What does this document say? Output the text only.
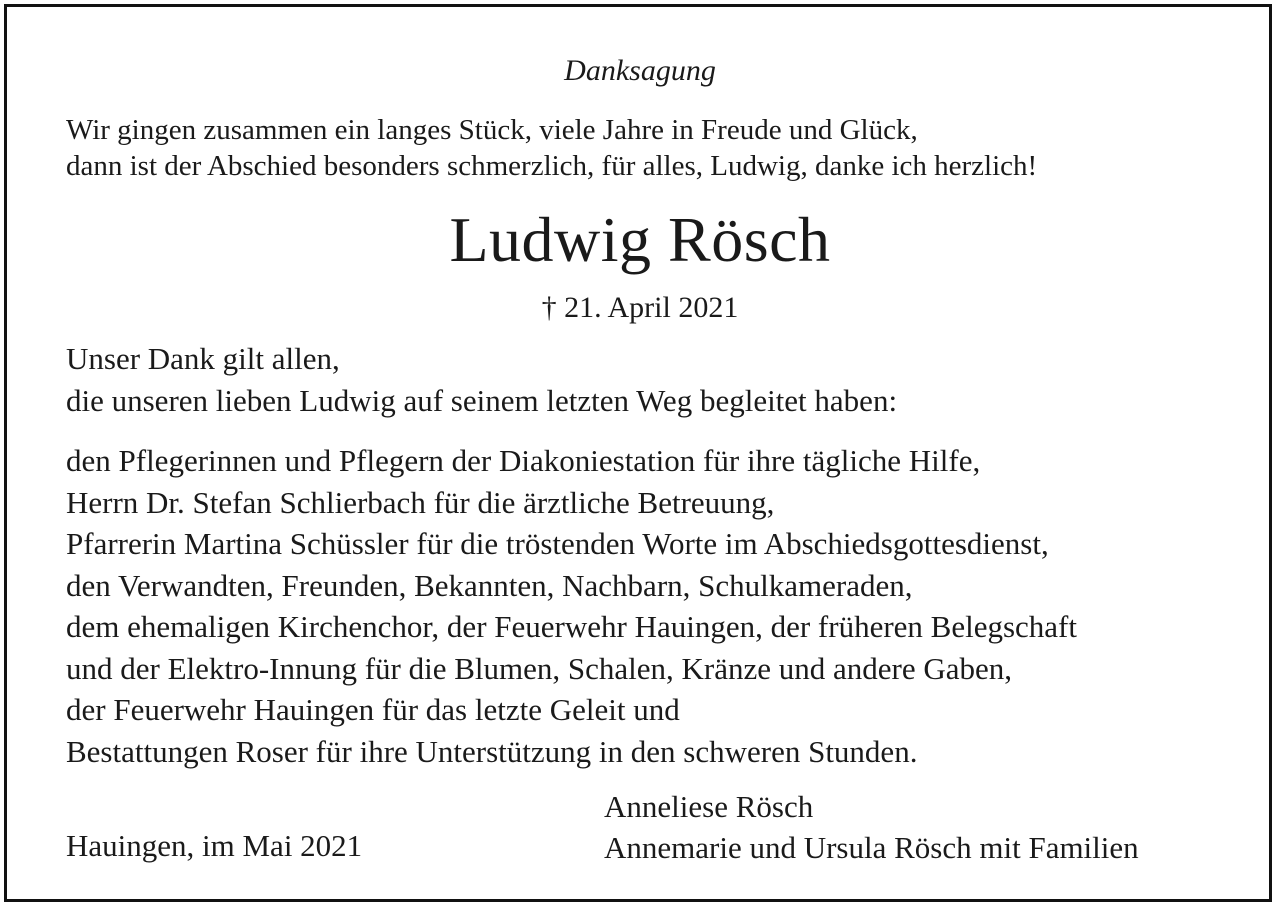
Danksagung
Wir gingen zusammen ein langes Stück, viele Jahre in Freude und Glück,
dann ist der Abschied besonders schmerzlich, für alles, Ludwig, danke ich herzlich!
Ludwig Rösch
† 21. April 2021
Unser Dank gilt allen,
die unseren lieben Ludwig auf seinem letzten Weg begleitet haben:
den Pflegerinnen und Pflegern der Diakoniestation für ihre tägliche Hilfe,
Herrn Dr. Stefan Schlierbach für die ärztliche Betreuung,
Pfarrerin Martina Schüssler für die tröstenden Worte im Abschiedsgottesdienst,
den Verwandten, Freunden, Bekannten, Nachbarn, Schulkameraden,
dem ehemaligen Kirchenchor, der Feuerwehr Hauingen, der früheren Belegschaft
und der Elektro-Innung für die Blumen, Schalen, Kränze und andere Gaben,
der Feuerwehr Hauingen für das letzte Geleit und
Bestattungen Roser für ihre Unterstützung in den schweren Stunden.
Hauingen, im Mai 2021
Anneliese Rösch
Annemarie und Ursula Rösch mit Familien
